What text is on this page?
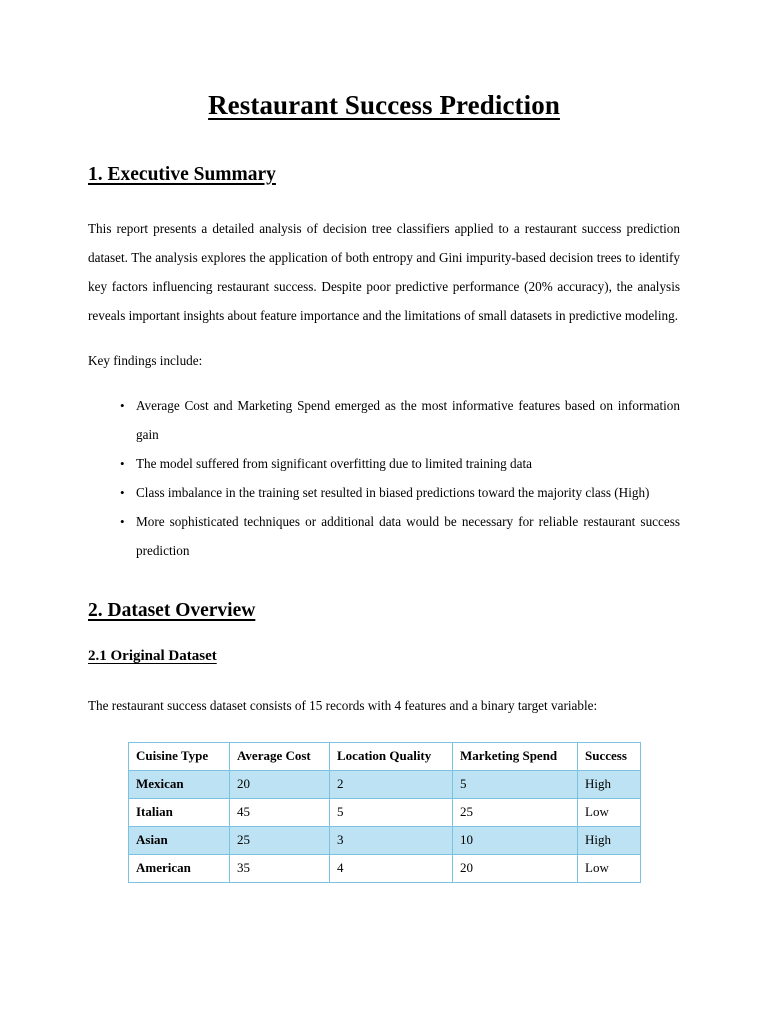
Restaurant Success Prediction
1. Executive Summary

This report presents a detailed analysis of decision tree classifiers applied to a restaurant success prediction dataset. The analysis explores the application of both entropy and Gini impurity-based decision trees to identify key factors influencing restaurant success. Despite poor predictive performance (20% accuracy), the analysis reveals important insights about feature importance and the limitations of small datasets in predictive modeling.

Key findings include:

• Average Cost and Marketing Spend emerged as the most informative features based on information gain
• The model suffered from significant overfitting due to limited training data
• Class imbalance in the training set resulted in biased predictions toward the majority class (High)
• More sophisticated techniques or additional data would be necessary for reliable restaurant success prediction
2. Dataset Overview
2.1 Original Dataset

The restaurant success dataset consists of 15 records with 4 features and a binary target variable:

Cuisine Type	Average Cost	Location Quality	Marketing Spend	Success
Mexican	20	2	5	High
Italian	45	5	25	Low
Asian	25	3	10	High
American	35	4	20	Low
